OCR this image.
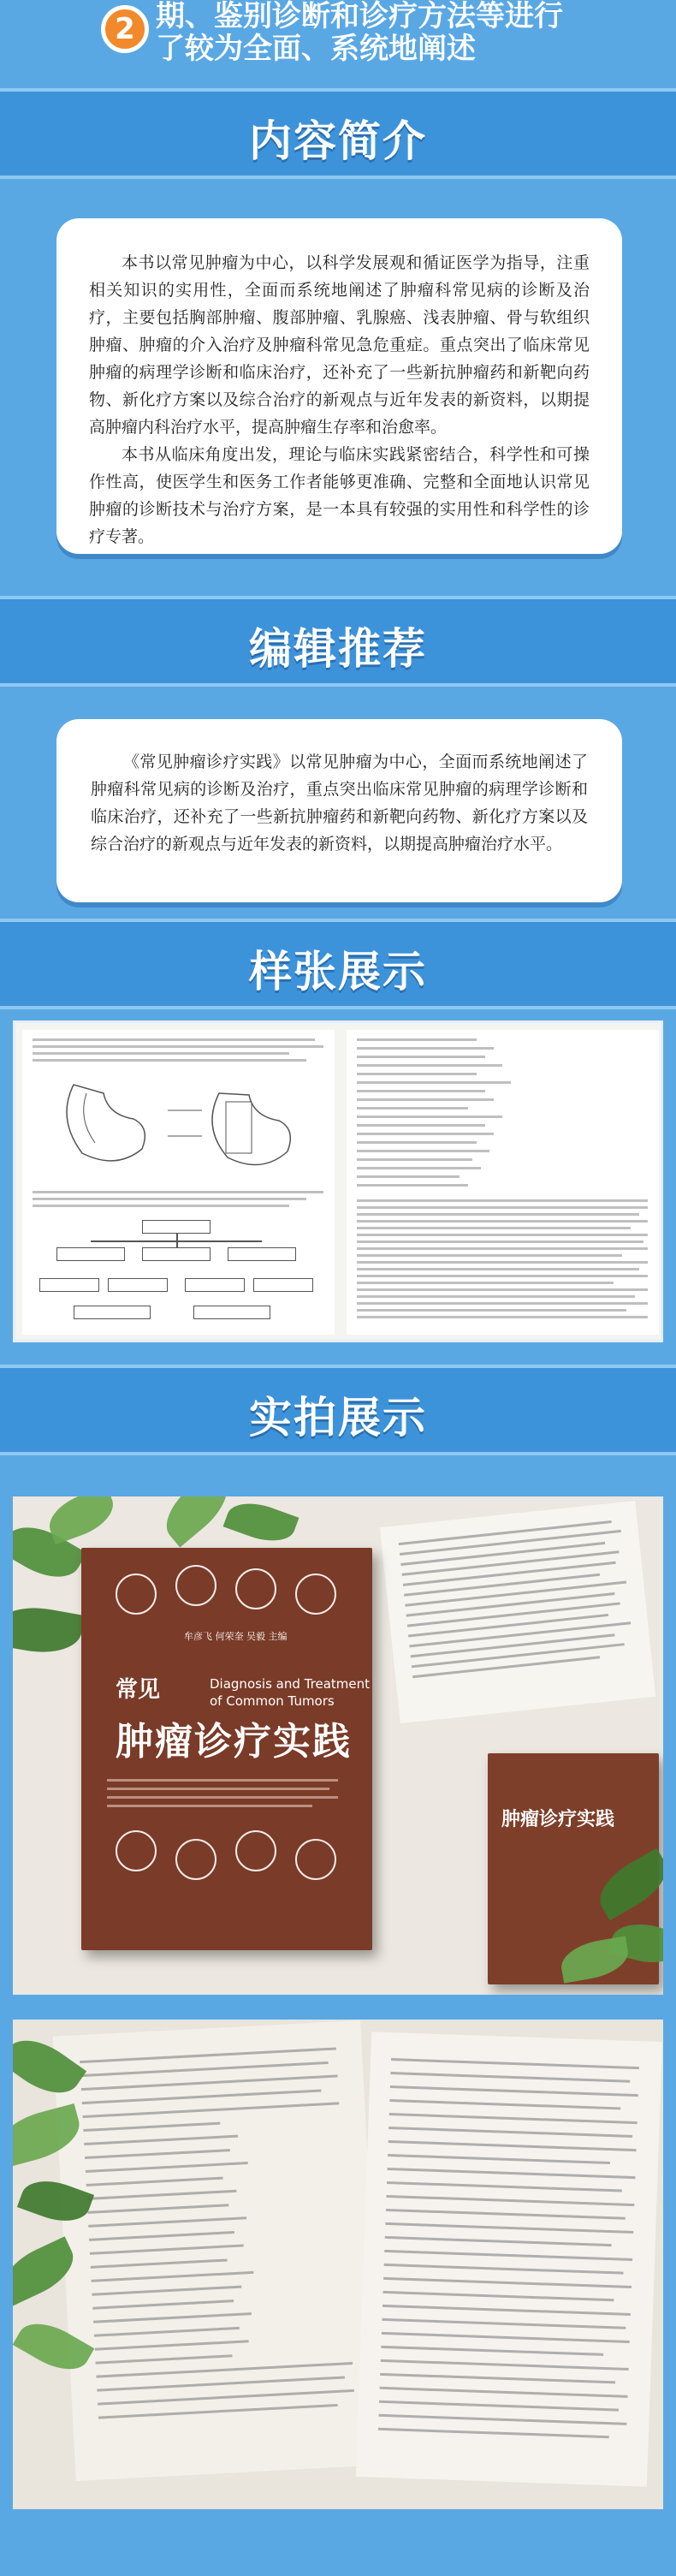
2 期、鉴别诊断和诊疗方法等进行
了较为全面、系统地阐述
内容简介

本书以常见肿瘤为中心，以科学发展观和循证医学为指导，注重相关知识的实用性，全面而系统地阐述了肿瘤科常见病的诊断及治疗，主要包括胸部肿瘤、腹部肿瘤、乳腺癌、浅表肿瘤、骨与软组织肿瘤、肿瘤的介入治疗及肿瘤科常见急危重症。重点突出了临床常见肿瘤的病理学诊断和临床治疗，还补充了一些新抗肿瘤药和新靶向药物、新化疗方案以及综合治疗的新观点与近年发表的新资料，以期提高肿瘤内科治疗水平，提高肿瘤生存率和治愈率。

本书从临床角度出发，理论与临床实践紧密结合，科学性和可操作性高，使医学生和医务工作者能够更准确、完整和全面地认识常见肿瘤的诊断技术与治疗方案，是一本具有较强的实用性和科学性的诊疗专著。

编辑推荐

《常见肿瘤诊疗实践》以常见肿瘤为中心，全面而系统地阐述了肿瘤科常见病的诊断及治疗，重点突出临床常见肿瘤的病理学诊断和临床治疗，还补充了一些新抗肿瘤药和新靶向药物、新化疗方案以及综合治疗的新观点与近年发表的新资料，以期提高肿瘤治疗水平。

样张展示
实拍展示
肿瘤诊疗实践
牟彦飞 何荣奎 吴毅 主编
常见	Diagnosis and Treatment
of Common Tumors
肿瘤诊疗实践
